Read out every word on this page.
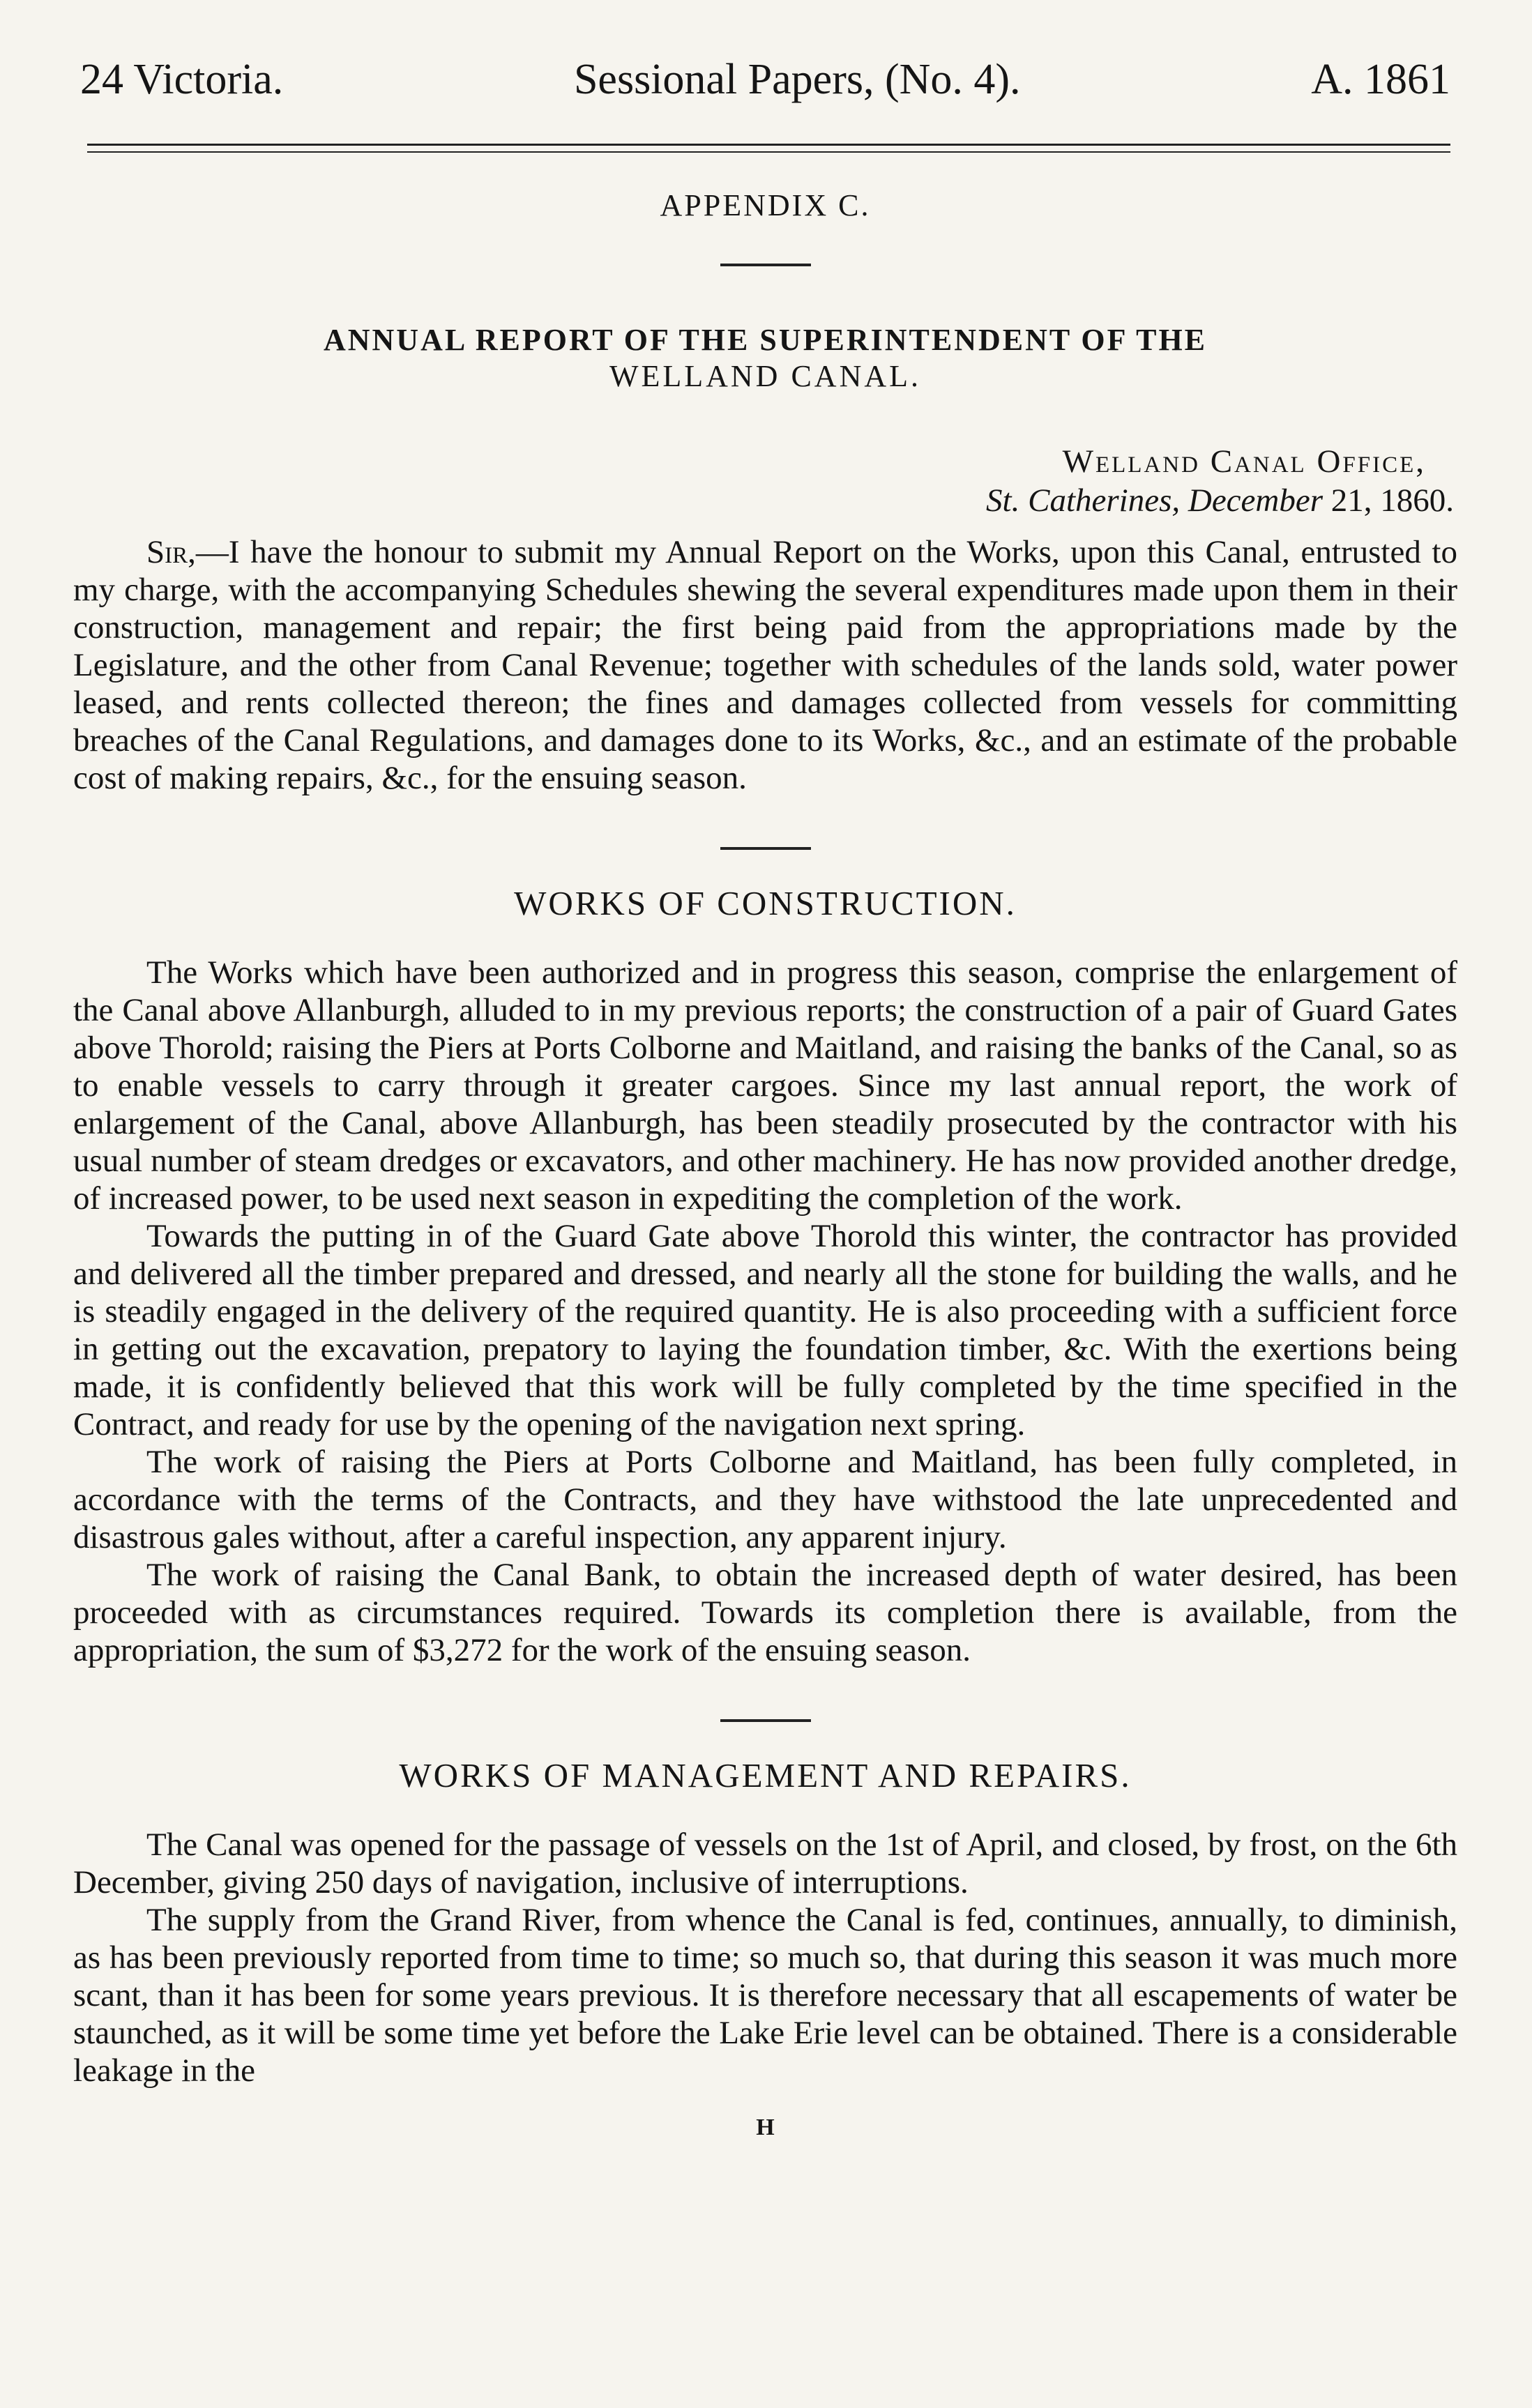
24 Victoria.	Sessional Papers, (No. 4).	A. 1861
APPENDIX C.
ANNUAL REPORT OF THE SUPERINTENDENT OF THE
WELLAND CANAL.
Welland Canal Office,
St. Catherines, December 21, 1860.

Sir,—I have the honour to submit my Annual Report on the Works, upon this Canal, entrusted to my charge, with the accompanying Schedules shewing the several expenditures made upon them in their construction, management and repair; the first being paid from the appropriations made by the Legislature, and the other from Canal Revenue; together with schedules of the lands sold, water power leased, and rents collected thereon; the fines and damages collected from vessels for committing breaches of the Canal Regulations, and damages done to its Works, &c., and an estimate of the probable cost of making repairs, &c., for the ensuing season.

WORKS OF CONSTRUCTION.

The Works which have been authorized and in progress this season, comprise the enlargement of the Canal above Allanburgh, alluded to in my previous reports; the construction of a pair of Guard Gates above Thorold; raising the Piers at Ports Colborne and Maitland, and raising the banks of the Canal, so as to enable vessels to carry through it greater cargoes. Since my last annual report, the work of enlargement of the Canal, above Allanburgh, has been steadily prosecuted by the contractor with his usual number of steam dredges or excavators, and other machinery. He has now provided another dredge, of increased power, to be used next season in expediting the completion of the work.

Towards the putting in of the Guard Gate above Thorold this winter, the contractor has provided and delivered all the timber prepared and dressed, and nearly all the stone for building the walls, and he is steadily engaged in the delivery of the required quantity. He is also proceeding with a sufficient force in getting out the excavation, prepatory to laying the foundation timber, &c. With the exertions being made, it is confidently believed that this work will be fully completed by the time specified in the Contract, and ready for use by the opening of the navigation next spring.

The work of raising the Piers at Ports Colborne and Maitland, has been fully completed, in accordance with the terms of the Contracts, and they have withstood the late unprecedented and disastrous gales without, after a careful inspection, any apparent injury.

The work of raising the Canal Bank, to obtain the increased depth of water desired, has been proceeded with as circumstances required. Towards its completion there is available, from the appropriation, the sum of $3,272 for the work of the ensuing season.

WORKS OF MANAGEMENT AND REPAIRS.

The Canal was opened for the passage of vessels on the 1st of April, and closed, by frost, on the 6th December, giving 250 days of navigation, inclusive of interruptions.

The supply from the Grand River, from whence the Canal is fed, continues, annually, to diminish, as has been previously reported from time to time; so much so, that during this season it was much more scant, than it has been for some years previous. It is therefore necessary that all escapements of water be staunched, as it will be some time yet before the Lake Erie level can be obtained. There is a considerable leakage in the

H
